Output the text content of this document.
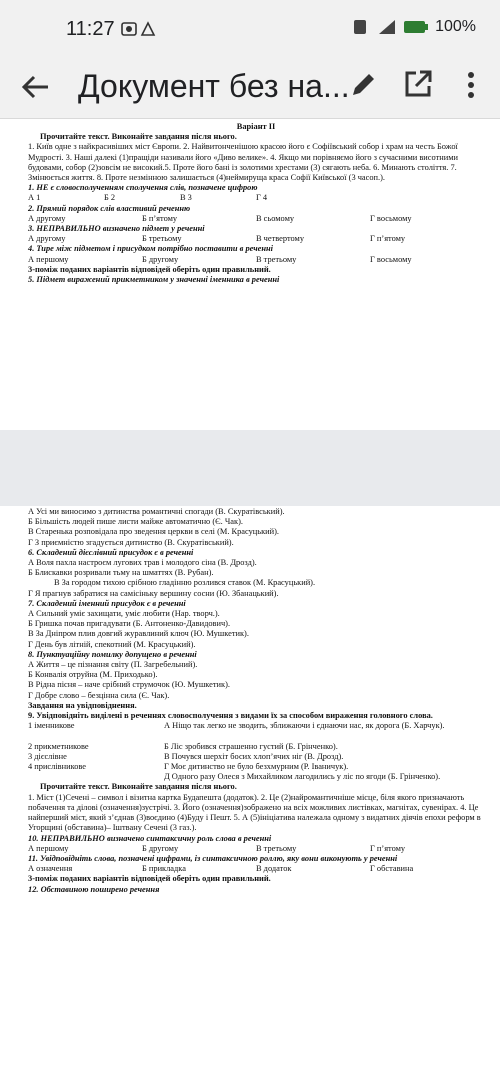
11:27	100%
Документ без на...

Варіант ІІ

Прочитайте текст. Виконайте завдання після нього.

1. Київ одне з найкрасивіших міст Європи. 2. Найвитонченішою красою його є Софіївський собор і храм на честь Божої Мудрості. 3. Наші далекі (1)пращіди називали його «Диво велике». 4. Якщо ми порівняємо його з сучасними висотними будовами, собор (2)зовсім не високий.5. Проте його бані із золотими хрестами (3) сягають неба. 6. Минають століття. 7. Змінюється життя. 8. Проте незмінною залишається (4)неймируща краса Софії Київської (3 часоп.).

1. НЕ є словосполученням сполучення слів, позначене цифрою

А 1	Б 2	В 3	Г 4

2. Прямий порядок слів властивий реченню

А другому	Б п’ятому	В сьомому	Г восьмому

3. НЕПРАВИЛЬНО визначено підмет у реченні

А другому	Б третьому	В четвертому	Г п’ятому

4. Тире між підметом і присудком потрібно поставити в реченні

А першому	Б другому	В третьому	Г восьмому

3-поміж поданих варіантів відповідей оберіть один правильний.

5. Підмет виражений прикметником у значенні іменника в реченні

А Усі ми виносимо з дитинства романтичні спогади (В. Скуратівський).

Б Більшість людей пише листи майже автоматично (Є. Чак).

В Старенька розповідала про зведення церкви в селі (М. Красуцький).

Г З приємністю згадується дитинство (В. Скуратівський).

6. Складений дієслівний присудок є в реченні

А Воля пахла настроєм лугових трав і молодого сіна (В. Дрозд).

Б Блискавки розривали тьму на шматтях (В. Рубан).

В За городом тихою срібною гладінню розлився ставок (М. Красуцький).

Г Я прагнув забратися на самісіньку вершину сосни (Ю. Збанацький).

7. Складений іменний присудок є в реченні

А Сильний уміє захищати, уміє любити (Нар. творч.).

Б Гришка почав пригадувати (Б. Антоненко-Давидович).

В За Дніпром плив довгий журавлиний ключ (Ю. Мушкетик).

Г День був літній, спекотний (М. Красуцький).

8. Пунктуаційну помилку допущено в реченні

А Життя – це пізнання світу (П. Загребельний).

Б Конвалія отруйна (М. Приходько).

В Рідна пісня – наче срібний струмочок (Ю. Мушкетик).

Г Добре слово – безцінна сила (Є. Чак).

Завдання на увідповіднення.

9. Увідповідніть виділені в реченнях словосполучення з видами їх за способом вираження головного слова.

1 іменникове	А Ніщо так легко не зводить, зближаючи і єднаючи нас, як дорога (Б. Харчук).

2 прикметникове	Б Ліс зробився страшенно густий (Б. Грінченко).
3 дієслівне	В Почувся шерхіт босих хлоп’ячих ніг (В. Дрозд).
4 прислівникове	Г Моє дитинство не було безхмурним (Р. Іваничук).
Д Одного разу Олеся з Михайликом лагодились у ліс по ягоди (Б. Грінченко).

Прочитайте текст. Виконайте завдання після нього.

1. Міст (1)Сечені – символ і візитна картка Будапешта (додаток). 2. Це (2)найромантичніше місце, біля якого призначають побачення та ділові (означення)зустрічі. 3. Його (означення)зображено на всіх можливих листівках, магнітах, сувенірах. 4. Це найперший міст, який з’єднав (3)воєдино (4)Буду і Пешт. 5. А (5)ініціатива належала одному з видатних діячів епохи реформ в Угорщині (обставина)– Іштвану Сечені (3 газ.).

10. НЕПРАВИЛЬНО визначено синтаксичну роль слова в реченні

А першому	Б другому	В третьому	Г п’ятому

11. Увідповідніть слова, позначені цифрами, із синтаксичною роллю, яку вони виконують у реченні

А означення	Б прикладка	В додаток	Г обставина

3-поміж поданих варіантів відповідей оберіть один правильний.

12. Обставиною поширено речення
